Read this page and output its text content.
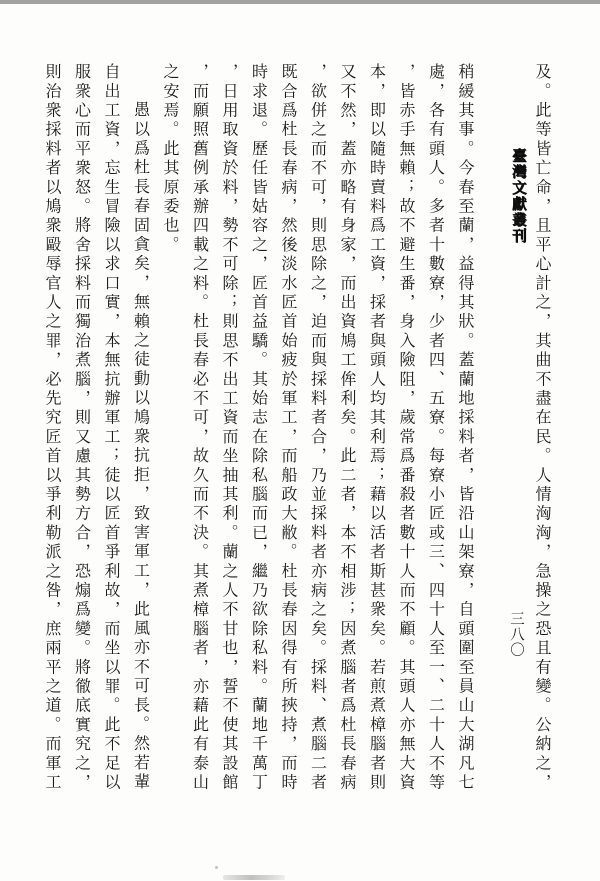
臺灣文獻叢刊
三八〇 及。此等皆亡命，且平心計之，其曲不盡在民。人情洶洶，急操之恐且有變。公納之，
稍緩其事。今春至蘭，益得其狀。蓋蘭地採料者，皆沿山架寮，自頭圍至員山大湖凡七
處，各有頭人。多者十數寮，少者四、五寮。每寮小匠或三、四十人至一、二十人不等
，皆赤手無賴；故不避生番，身入險阻，歲常爲番殺者數十人而不顧。其頭人亦無大資
本，即以隨時賣料爲工資，採者與頭人均其利焉；藉以活者斯甚衆矣。若煎煮樟腦者則
又不然，蓋亦略有身家，而出資鳩工侔利矣。此二者，本不相涉；因煮腦者爲杜長春病
，欲併之而不可，則思除之，迫而與採料者合，乃並採料者亦病之矣。採料、煮腦二者
既合爲杜長春病，然後淡水匠首始疲於軍工，而船政大敝。杜長春因得有所挾持，而時
時求退。歷任皆姑容之，匠首益驕。其始志在除私腦而已，繼乃欲除私料。蘭地千萬丁
，日用取資於料，勢不可除；則思不出工資而坐抽其利。蘭之人不甘也，誓不使其設館
，而願照舊例承辦四載之料。杜長春必不可，故久而不決。其煮樟腦者，亦藉此有泰山
之安焉。此其原委也。
愚以爲杜長春固貪矣，無賴之徒動以鳩衆抗拒，致害軍工，此風亦不可長。然若輩
自出工資，忘生冒險以求口實，本無抗辦軍工；徒以匠首爭利故，而坐以罪。此不足以
服衆心而平衆怒。將舍採料而獨治煮腦，則又慮其勢方合，恐煽爲變。將徹底實究之，
則治衆採料者以鳩衆毆辱官人之罪，必先究匠首以爭利勒派之咎，庶兩平之道。而軍工
